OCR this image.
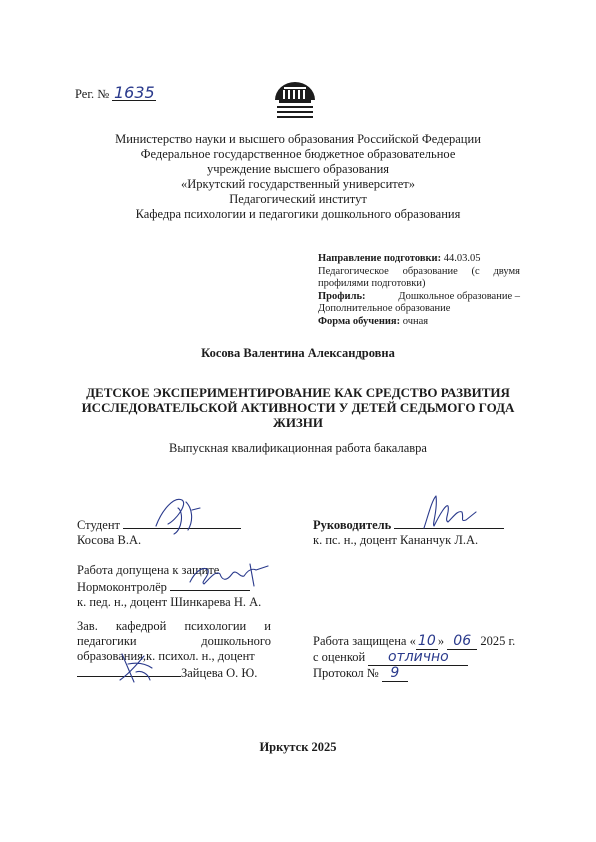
Рег. № 1635
Министерство науки и высшего образования Российской Федерации
Федеральное государственное бюджетное образовательное
учреждение высшего образования
«Иркутский государственный университет»
Педагогический институт
Кафедра психологии и педагогики дошкольного образования
Направление подготовки: 44.03.05
Педагогическое образование (с двумя
профилями подготовки)
Профиль:	Дошкольное образование –
Дополнительное образование
Форма обучения: очная
Косова Валентина Александровна
ДЕТСКОЕ ЭКСПЕРИМЕНТИРОВАНИЕ КАК СРЕДСТВО РАЗВИТИЯ
ИССЛЕДОВАТЕЛЬСКОЙ АКТИВНОСТИ У ДЕТЕЙ СЕДЬМОГО ГОДА
ЖИЗНИ
Выпускная квалификационная работа бакалавра
Студент
Косова В.А.
Руководитель
к. пс. н., доцент Кананчук Л.А.
Работа допущена к защите
Нормоконтролёр
к. пед. н., доцент Шинкарева Н. А.
Зав. кафедрой психологии и
педагогики дошкольного
образования,к. психол. н., доцент
Зайцева О. Ю.
Работа защищена « 10 » 06 2025 г.
с оценкой отлично
Протокол № 9
Иркутск 2025
